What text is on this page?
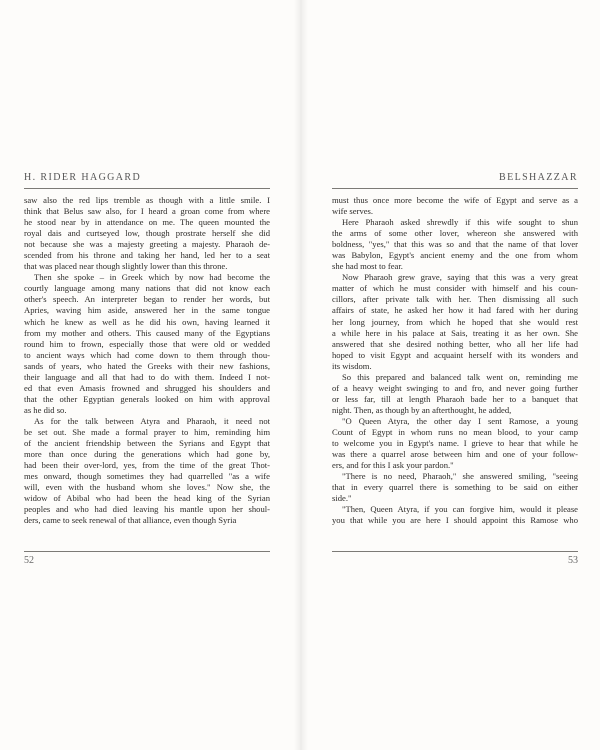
H. RIDER HAGGARD
saw also the red lips tremble as though with a little smile. I
think that Belus saw also, for I heard a groan come from where
he stood near by in attendance on me. The queen mounted the
royal dais and curtseyed low, though prostrate herself she did
not because she was a majesty greeting a majesty. Pharaoh de-
scended from his throne and taking her hand, led her to a seat
that was placed near though slightly lower than this throne.
Then she spoke – in Greek which by now had become the
courtly language among many nations that did not know each
other's speech. An interpreter began to render her words, but
Apries, waving him aside, answered her in the same tongue
which he knew as well as he did his own, having learned it
from my mother and others. This caused many of the Egyptians
round him to frown, especially those that were old or wedded
to ancient ways which had come down to them through thou-
sands of years, who hated the Greeks with their new fashions,
their language and all that had to do with them. Indeed I not-
ed that even Amasis frowned and shrugged his shoulders and
that the other Egyptian generals looked on him with approval
as he did so.
As for the talk between Atyra and Pharaoh, it need not
be set out. She made a formal prayer to him, reminding him
of the ancient friendship between the Syrians and Egypt that
more than once during the generations which had gone by,
had been their over-lord, yes, from the time of the great Thot-
mes onward, though sometimes they had quarrelled "as a wife
will, even with the husband whom she loves." Now she, the
widow of Abibal who had been the head king of the Syrian
peoples and who had died leaving his mantle upon her shoul-
ders, came to seek renewal of that alliance, even though Syria
BELSHAZZAR
must thus once more become the wife of Egypt and serve as a
wife serves.
Here Pharaoh asked shrewdly if this wife sought to shun
the arms of some other lover, whereon she answered with
boldness, "yes," that this was so and that the name of that lover
was Babylon, Egypt's ancient enemy and the one from whom
she had most to fear.
Now Pharaoh grew grave, saying that this was a very great
matter of which he must consider with himself and his coun-
cillors, after private talk with her. Then dismissing all such
affairs of state, he asked her how it had fared with her during
her long journey, from which he hoped that she would rest
a while here in his palace at Sais, treating it as her own. She
answered that she desired nothing better, who all her life had
hoped to visit Egypt and acquaint herself with its wonders and
its wisdom.
So this prepared and balanced talk went on, reminding me
of a heavy weight swinging to and fro, and never going further
or less far, till at length Pharaoh bade her to a banquet that
night. Then, as though by an afterthought, he added,
"O Queen Atyra, the other day I sent Ramose, a young
Count of Egypt in whom runs no mean blood, to your camp
to welcome you in Egypt's name. I grieve to hear that while he
was there a quarrel arose between him and one of your follow-
ers, and for this I ask your pardon."
"There is no need, Pharaoh," she answered smiling, "seeing
that in every quarrel there is something to be said on either
side."
"Then, Queen Atyra, if you can forgive him, would it please
you that while you are here I should appoint this Ramose who
52	53
